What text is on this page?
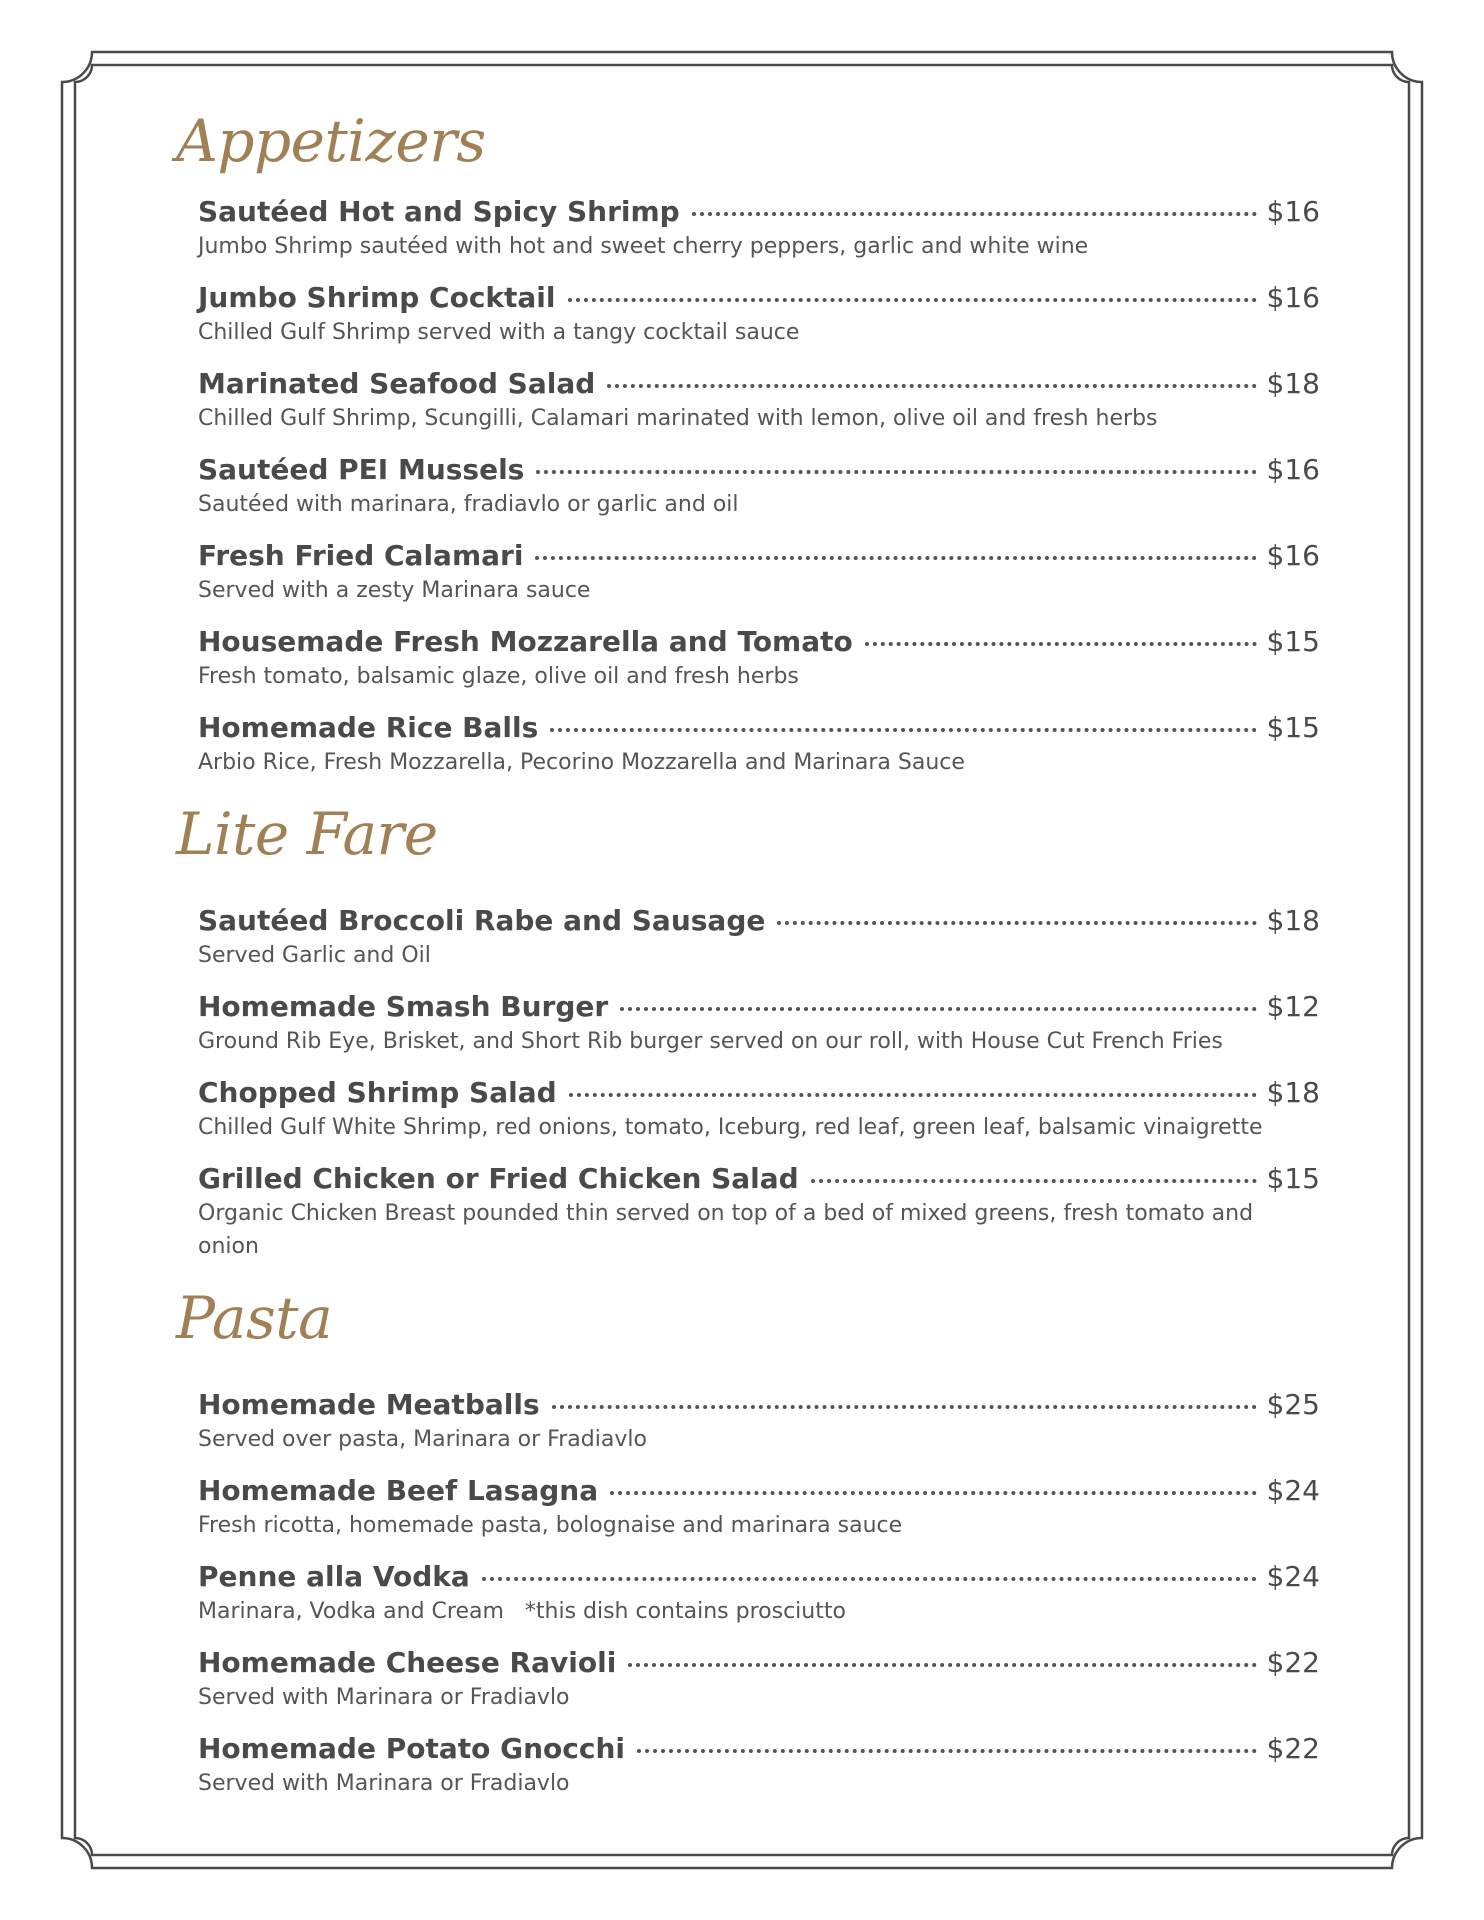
Appetizers
Sautéed Hot and Spicy Shrimp	$16
Jumbo Shrimp sautéed with hot and sweet cherry peppers, garlic and white wine
Jumbo Shrimp Cocktail	$16
Chilled Gulf Shrimp served with a tangy cocktail sauce
Marinated Seafood Salad	$18
Chilled Gulf Shrimp, Scungilli, Calamari marinated with lemon, olive oil and fresh herbs
Sautéed PEI Mussels	$16
Sautéed with marinara, fradiavlo or garlic and oil
Fresh Fried Calamari	$16
Served with a zesty Marinara sauce
Housemade Fresh Mozzarella and Tomato	$15
Fresh tomato, balsamic glaze, olive oil and fresh herbs
Homemade Rice Balls	$15
Arbio Rice, Fresh Mozzarella, Pecorino Mozzarella and Marinara Sauce
Lite Fare
Sautéed Broccoli Rabe and Sausage	$18
Served Garlic and Oil
Homemade Smash Burger	$12
Ground Rib Eye, Brisket, and Short Rib burger served on our roll, with House Cut French Fries
Chopped Shrimp Salad	$18
Chilled Gulf White Shrimp, red onions, tomato, Iceburg, red leaf, green leaf, balsamic vinaigrette
Grilled Chicken or Fried Chicken Salad	$15
Organic Chicken Breast pounded thin served on top of a bed of mixed greens, fresh tomato and onion
Pasta
Homemade Meatballs	$25
Served over pasta, Marinara or Fradiavlo
Homemade Beef Lasagna	$24
Fresh ricotta, homemade pasta, bolognaise and marinara sauce
Penne alla Vodka	$24
Marinara, Vodka and Cream   *this dish contains prosciutto
Homemade Cheese Ravioli	$22
Served with Marinara or Fradiavlo
Homemade Potato Gnocchi	$22
Served with Marinara or Fradiavlo
